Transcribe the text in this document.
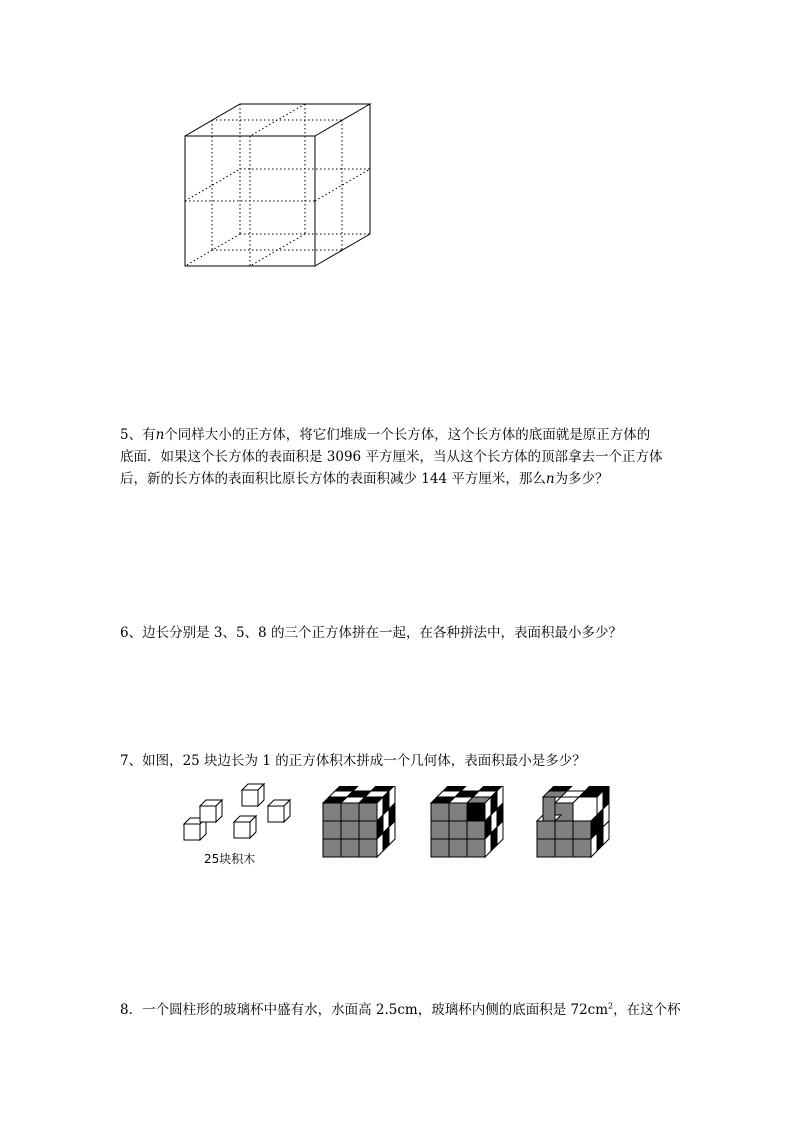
5、有n个同样大小的正方体，将它们堆成一个长方体，这个长方体的底面就是原正方体的
底面．如果这个长方体的表面积是 3096 平方厘米，当从这个长方体的顶部拿去一个正方体
后，新的长方体的表面积比原长方体的表面积减少 144 平方厘米，那么n为多少？

6、边长分别是 3、5、8 的三个正方体拼在一起，在各种拼法中，表面积最小多少？

7、如图，25 块边长为 1 的正方体积木拼成一个几何体，表面积最小是多少？

25块积木

8．一个圆柱形的玻璃杯中盛有水，水面高 2.5cm，玻璃杯内侧的底面积是 $72cm^2$，在这个杯
